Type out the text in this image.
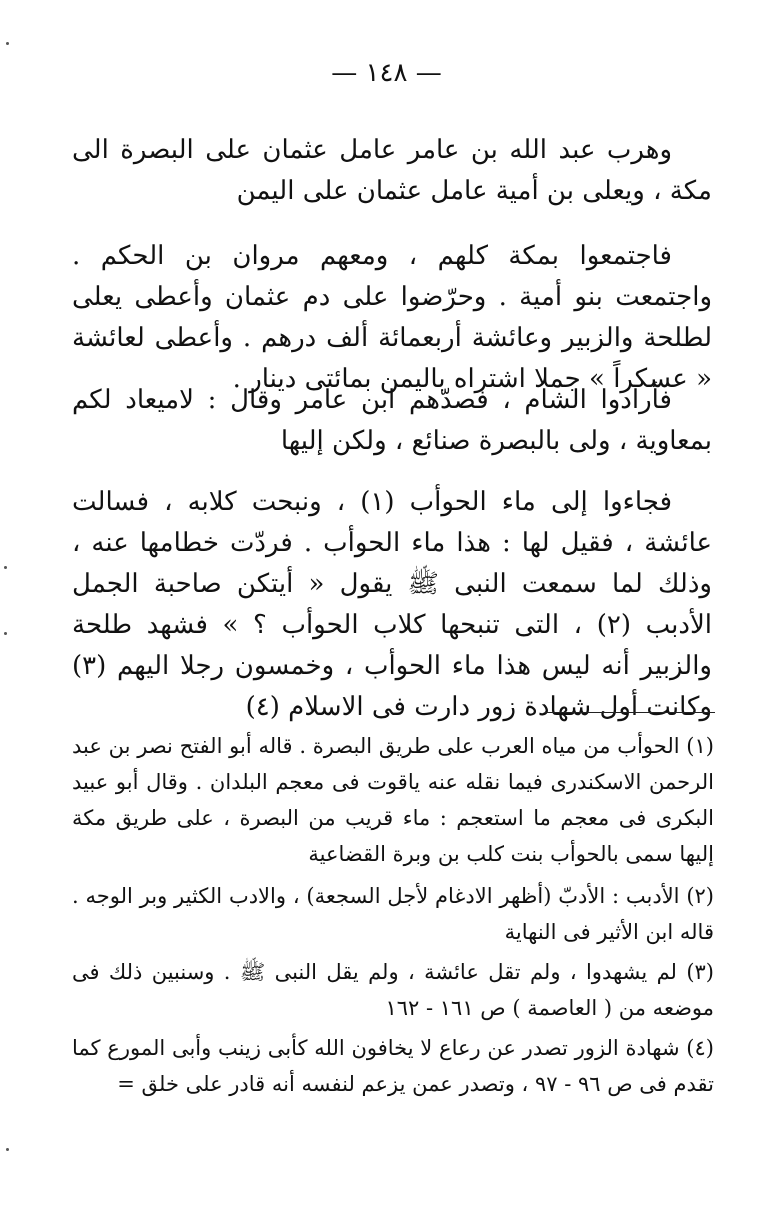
— ١٤٨ —

وهرب عبد الله بن عامر عامل عثمان على البصرة الى مكة ، ويعلى بن أمية عامل عثمان على اليمن

فاجتمعوا بمكة كلهم ، ومعهم مروان بن الحكم . واجتمعت بنو أمية . وحرّضوا على دم عثمان وأعطى يعلى لطلحة والزبير وعائشة أربعمائة ألف درهم . وأعطى لعائشة « عسكراً » جملا اشتراه باليمن بمائتى دينار .

فأرادوا الشام ، فصدّهم ابن عامر وقال : لاميعاد لكم بمعاوية ، ولى بالبصرة صنائع ، ولكن إليها

فجاءوا إلى ماء الحوأب (١) ، ونبحت كلابه ، فسالت عائشة ، فقيل لها : هذا ماء الحوأب . فردّت خطامها عنه ، وذلك لما سمعت النبى ﷺ يقول « أيتكن صاحبة الجمل الأدبب (٢) ، التى تنبحها كلاب الحوأب ؟ » فشهد طلحة والزبير أنه ليس هذا ماء الحوأب ، وخمسون رجلا اليهم (٣) وكانت أول شهادة زور دارت فى الاسلام (٤)

(١) الحوأب من مياه العرب على طريق البصرة . قاله أبو الفتح نصر بن عبد الرحمن الاسكندرى فيما نقله عنه ياقوت فى معجم البلدان . وقال أبو عبيد البكرى فى معجم ما استعجم : ماء قريب من البصرة ، على طريق مكة إليها سمى بالحوأب بنت كلب بن وبرة القضاعية

(٢) الأدبب : الأدبّ (أظهر الادغام لأجل السجعة) ، والادب الكثير وبر الوجه . قاله ابن الأثير فى النهاية

(٣) لم يشهدوا ، ولم تقل عائشة ، ولم يقل النبى ﷺ . وسنبين ذلك فى موضعه من ( العاصمة ) ص ١٦١ - ١٦٢

(٤) شهادة الزور تصدر عن رعاع لا يخافون الله كأبى زينب وأبى المورع كما تقدم فى ص ٩٦ - ٩٧ ، وتصدر عمن يزعم لنفسه أنه قادر على خلق =
